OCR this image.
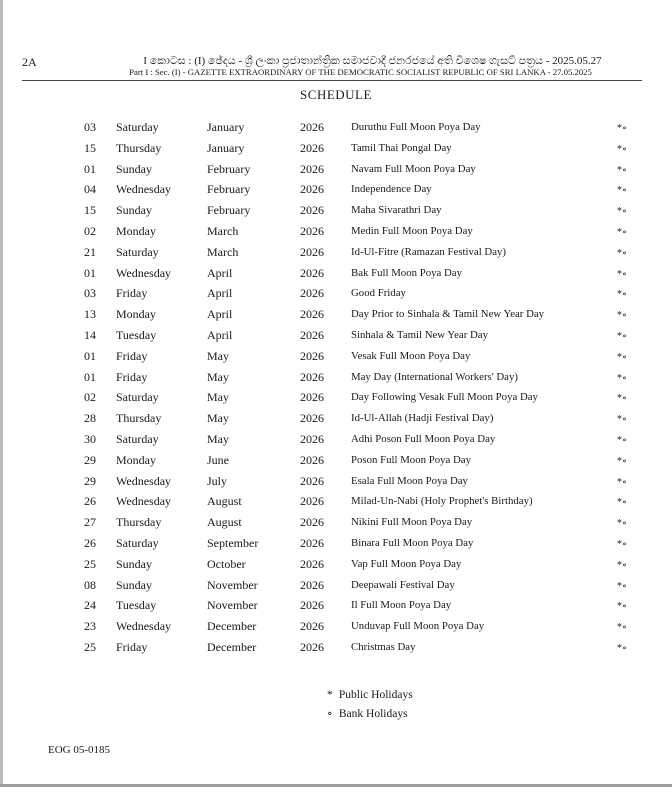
2A	I කොටස : (I) ඡේදය - ශ්‍රී ලංකා ප්‍රජාතාන්ත්‍රික සමාජවාදී ජනරජයේ අති විශෙෂ ගැසට් පත්‍රය - 2025.05.27
Part I : Sec. (I) - GAZETTE EXTRAORDINARY OF THE DEMOCRATIC SOCIALIST REPUBLIC OF SRI LANKA - 27.05.2025
SCHEDULE
03 Saturday	January	2026	Duruthu Full Moon Poya Day	*∘
15 Thursday	January	2026	Tamil Thai Pongal Day	*∘
01 Sunday	February	2026	Navam Full Moon Poya Day	*∘
04 Wednesday	February	2026	Independence Day	*∘
15 Sunday	February	2026	Maha Sivarathri Day	*∘
02 Monday	March	2026	Medin Full Moon Poya Day	*∘
21 Saturday	March	2026	Id-Ul-Fitre (Ramazan Festival Day)	*∘
01 Wednesday	April	2026	Bak Full Moon Poya Day	*∘
03 Friday	April	2026	Good Friday	*∘
13 Monday	April	2026	Day Prior to Sinhala & Tamil New Year Day	*∘
14 Tuesday	April	2026	Sinhala & Tamil New Year Day	*∘
01 Friday	May	2026	Vesak Full Moon Poya Day	*∘
01 Friday	May	2026	May Day (International Workers' Day)	*∘
02 Saturday	May	2026	Day Following Vesak Full Moon Poya Day	*∘
28 Thursday	May	2026	Id-Ul-Allah (Hadji Festival Day)	*∘
30 Saturday	May	2026	Adhi Poson Full Moon Poya Day	*∘
29 Monday	June	2026	Poson Full Moon Poya Day	*∘
29 Wednesday	July	2026	Esala Full Moon Poya Day	*∘
26 Wednesday	August	2026	Milad-Un-Nabi (Holy Prophet's Birthday)	*∘
27 Thursday	August	2026	Nikini Full Moon Poya Day	*∘
26 Saturday	September	2026	Binara Full Moon Poya Day	*∘
25 Sunday	October	2026	Vap Full Moon Poya Day	*∘
08 Sunday	November	2026	Deepawali Festival Day	*∘
24 Tuesday	November	2026	Il Full Moon Poya Day	*∘
23 Wednesday	December	2026	Unduvap Full Moon Poya Day	*∘
25 Friday	December	2026	Christmas Day	*∘
* Public Holidays
∘ Bank Holidays
EOG 05-0185
